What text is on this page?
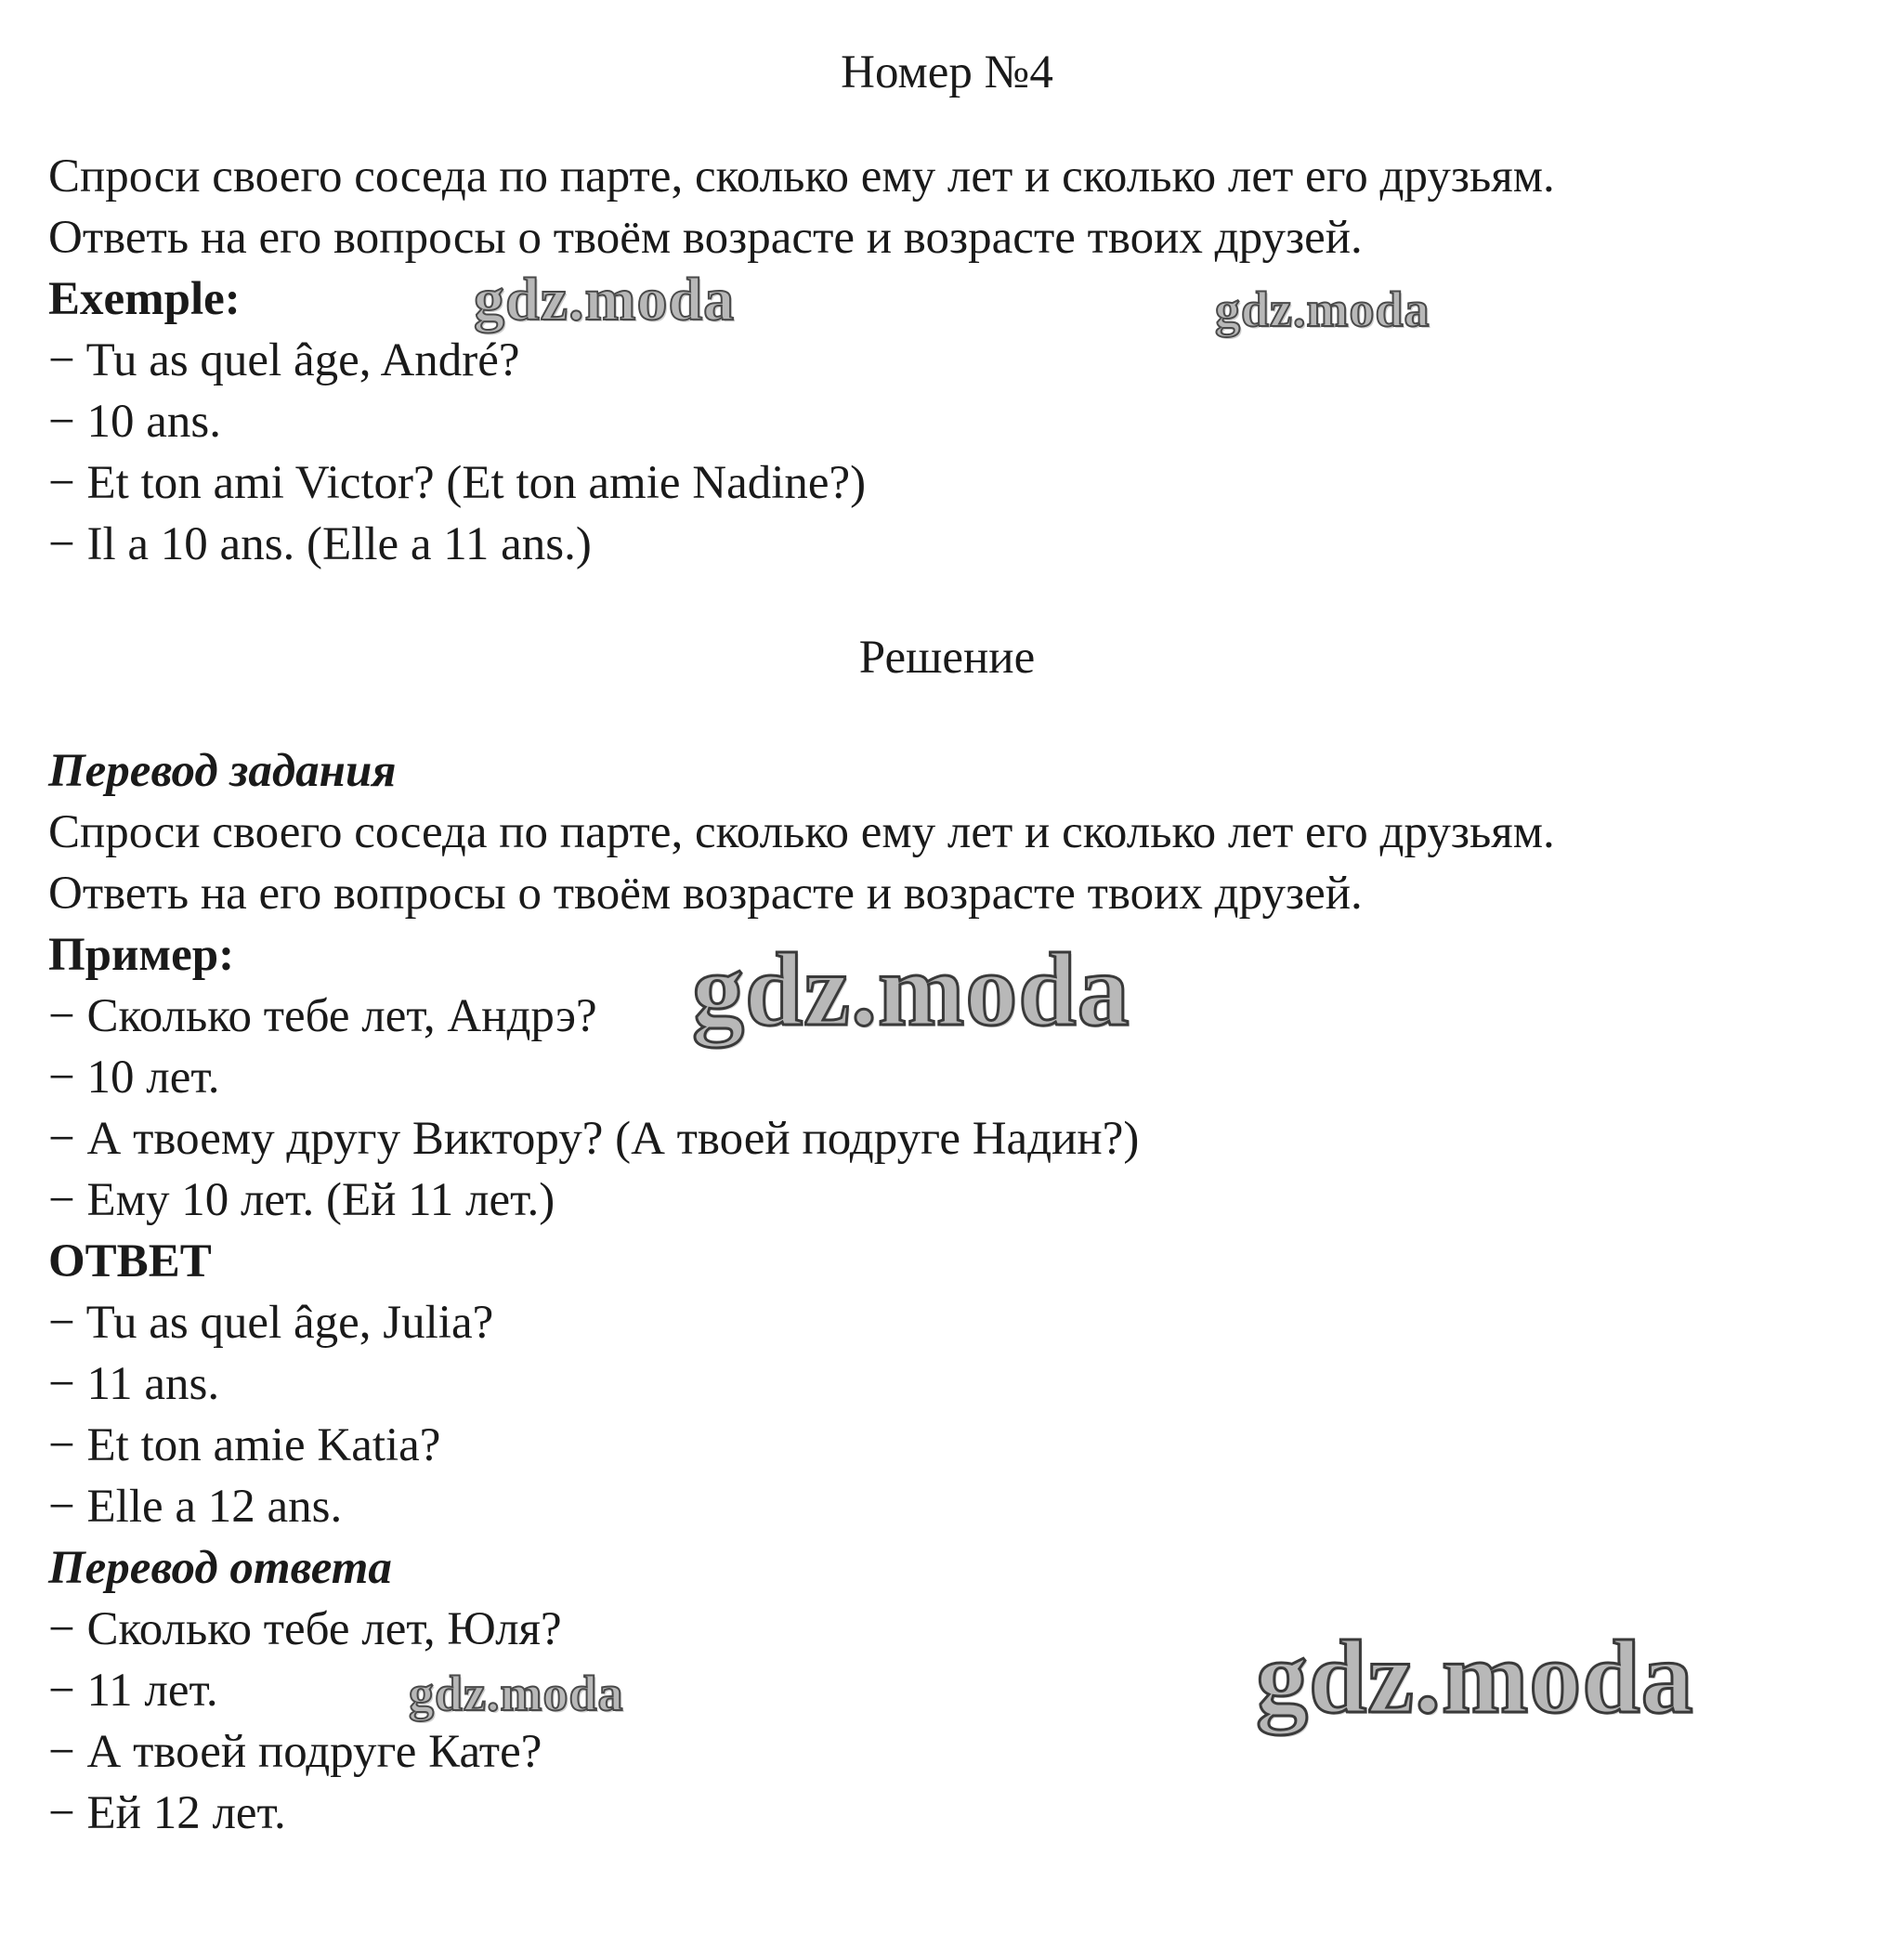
Номер №4
Спроси своего соседа по парте, сколько ему лет и сколько лет его друзьям.
Ответь на его вопросы о твоём возрасте и возрасте твоих друзей.
Exemple:
− Tu as quel âge, André?
− 10 ans.
− Et ton ami Victor? (Et ton amie Nadine?)
− Il a 10 ans. (Elle a 11 ans.)
Решение
Перевод задания
Спроси своего соседа по парте, сколько ему лет и сколько лет его друзьям.
Ответь на его вопросы о твоём возрасте и возрасте твоих друзей.
Пример:
− Сколько тебе лет, Андрэ?
− 10 лет.
− А твоему другу Виктору? (А твоей подруге Надин?)
− Ему 10 лет. (Ей 11 лет.)
ОТВЕТ
− Tu as quel âge, Julia?
− 11 ans.
− Et ton amie Katia?
− Elle a 12 ans.
Перевод ответа
− Сколько тебе лет, Юля?
− 11 лет.
− А твоей подруге Кате?
− Ей 12 лет.
gdz.moda	gdz.moda
gdz.moda
gdz.moda	gdz.moda
